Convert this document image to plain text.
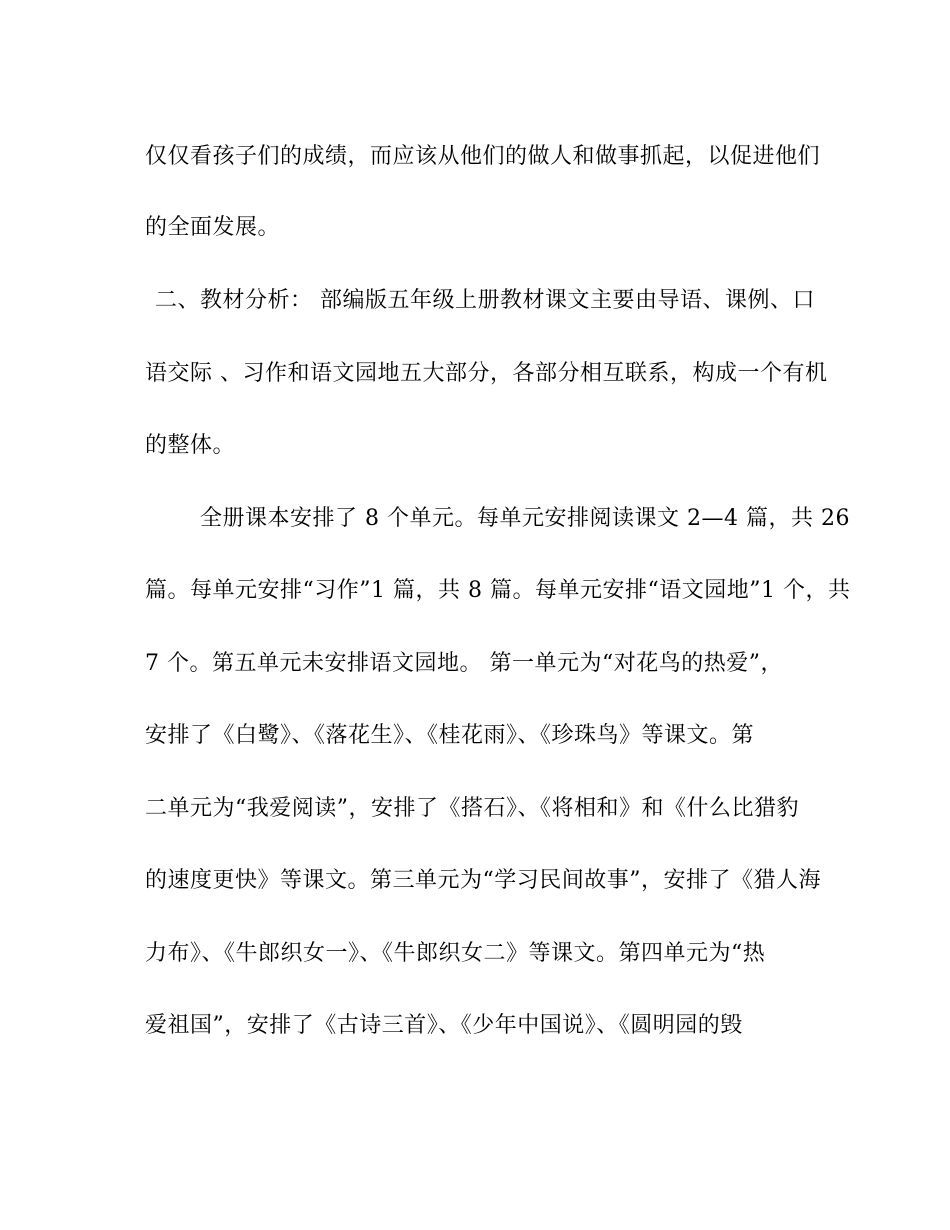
仅仅看孩子们的成绩，而应该从他们的做人和做事抓起，以促进他们
的全面发展。
二、教材分析： 部编版五年级上册教材课文主要由导语、课例、口
语交际 、习作和语文园地五大部分，各部分相互联系，构成一个有机
的整体。
全册课本安排了 8 个单元。每单元安排阅读课文 2—4 篇，共 26
篇。每单元安排“习作”1 篇，共 8 篇。每单元安排“语文园地”1 个，共
7 个。第五单元未安排语文园地。 第一单元为“对花鸟的热爱”，
安排了《白鹭》、《落花生》、《桂花雨》、《珍珠鸟》等课文。第
二单元为“我爱阅读”，安排了《搭石》、《将相和》和《什么比猎豹
的速度更快》等课文。第三单元为“学习民间故事”，安排了《猎人海
力布》、《牛郎织女一》、《牛郎织女二》等课文。第四单元为“热
爱祖国”，安排了《古诗三首》、《少年中国说》、《圆明园的毁
